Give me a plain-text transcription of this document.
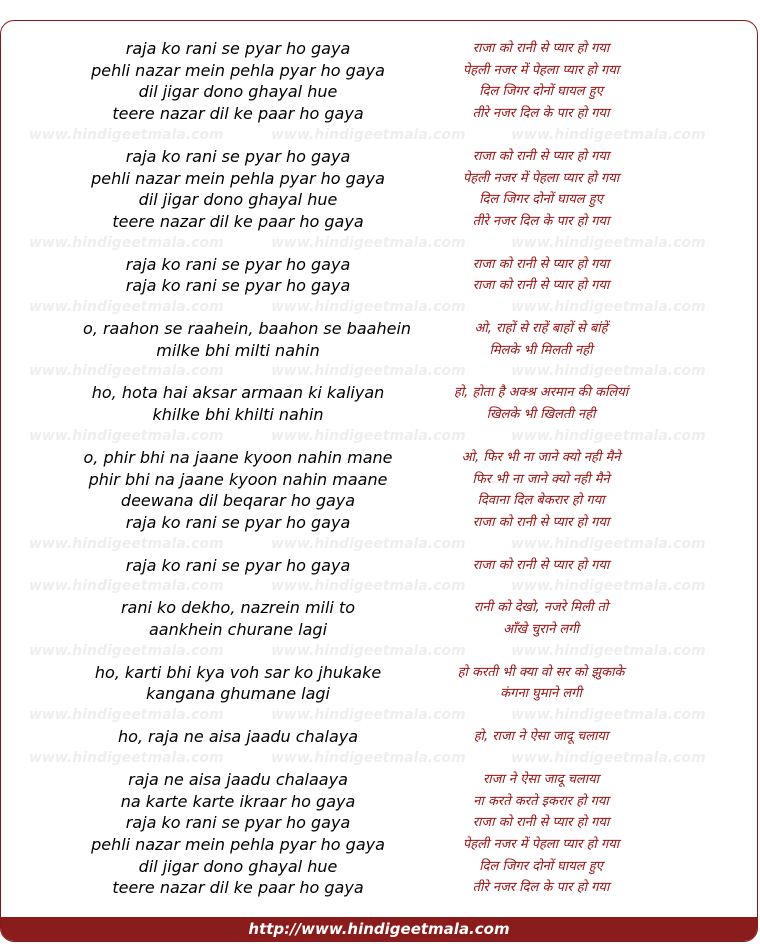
www.hindigeetmala.com	www.hindigeetmala.com	www.hindigeetmala.com
www.hindigeetmala.com	www.hindigeetmala.com	www.hindigeetmala.com
www.hindigeetmala.com	www.hindigeetmala.com	www.hindigeetmala.com
www.hindigeetmala.com	www.hindigeetmala.com	www.hindigeetmala.com
www.hindigeetmala.com	www.hindigeetmala.com	www.hindigeetmala.com
www.hindigeetmala.com	www.hindigeetmala.com	www.hindigeetmala.com
www.hindigeetmala.com	www.hindigeetmala.com	www.hindigeetmala.com
www.hindigeetmala.com	www.hindigeetmala.com	www.hindigeetmala.com
www.hindigeetmala.com	www.hindigeetmala.com	www.hindigeetmala.com
www.hindigeetmala.com	www.hindigeetmala.com	www.hindigeetmala.com
raja ko rani se pyar ho gaya	राजा को रानी से प्यार हो गया
pehli nazar mein pehla pyar ho gaya	पेहली नजर में पेहला प्यार हो गया
dil jigar dono ghayal hue	दिल जिगर दोनों घायल हुए
teere nazar dil ke paar ho gaya	तीरे नजर दिल के पार हो गया
raja ko rani se pyar ho gaya	राजा को रानी से प्यार हो गया
pehli nazar mein pehla pyar ho gaya	पेहली नजर में पेहला प्यार हो गया
dil jigar dono ghayal hue	दिल जिगर दोनों घायल हुए
teere nazar dil ke paar ho gaya	तीरे नजर दिल के पार हो गया
raja ko rani se pyar ho gaya	राजा को रानी से प्यार हो गया
raja ko rani se pyar ho gaya	राजा को रानी से प्यार हो गया
o, raahon se raahein, baahon se baahein	ओ, राहों से राहें बाहों से बांहें
milke bhi milti nahin	मिलके भी मिलती नही
ho, hota hai aksar armaan ki kaliyan	हो, होता है अक्श्र अरमान की कलियां
khilke bhi khilti nahin	खिलके भी खिलती नही
o, phir bhi na jaane kyoon nahin mane	ओ, फिर भी ना जाने क्यो नही मैने
phir bhi na jaane kyoon nahin maane	फिर भी ना जाने क्यो नही मैने
deewana dil beqarar ho gaya	दिवाना दिल बेकरार हो गया
raja ko rani se pyar ho gaya	राजा को रानी से प्यार हो गया
raja ko rani se pyar ho gaya	राजा को रानी से प्यार हो गया
rani ko dekho, nazrein mili to	रानी को देखो, नजरे मिली तो
aankhein churane lagi	आँखे चुराने लगी
ho, karti bhi kya voh sar ko jhukake	हो करती भी क्या वो सर को झुकाके
kangana ghumane lagi	कंगना घुमाने लगी
ho, raja ne aisa jaadu chalaya	हो, राजा ने ऐसा जादू चलाया
raja ne aisa jaadu chalaaya	राजा ने ऐसा जादू चलाया
na karte karte ikraar ho gaya	ना करते करते इकरार हो गया
raja ko rani se pyar ho gaya	राजा को रानी से प्यार हो गया
pehli nazar mein pehla pyar ho gaya	पेहली नजर में पेहला प्यार हो गया
dil jigar dono ghayal hue	दिल जिगर दोनों घायल हुए
teere nazar dil ke paar ho gaya	तीरे नजर दिल के पार हो गया
http://www.hindigeetmala.com
